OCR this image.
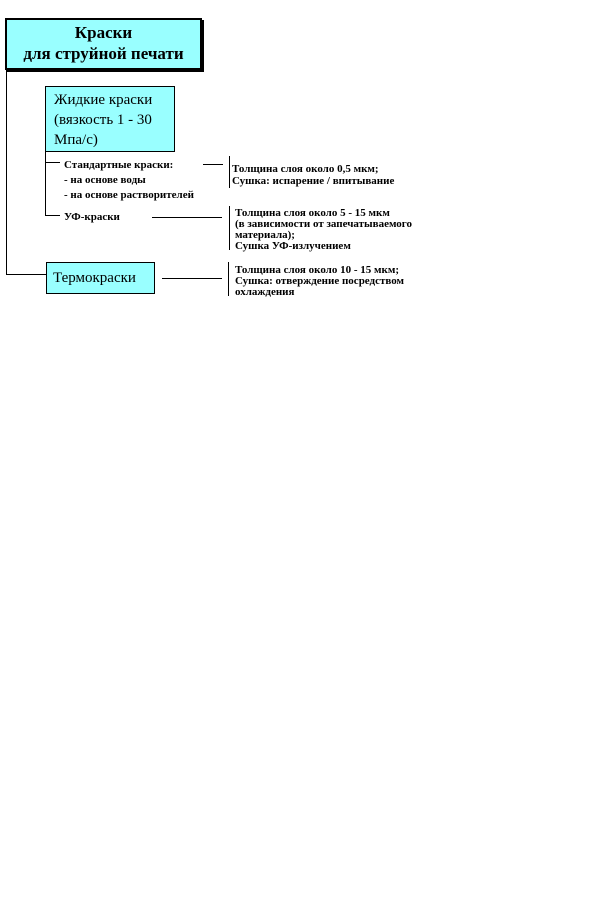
Краски
для струйной печати
Жидкие краски
(вязкость 1 - 30
Мпа/с)
Термокраски
Стандартные краски:
- на основе воды
- на основе растворителей
Толщина слоя около 0,5 мкм;
Сушка: испарение / впитывание
УФ-краски	Толщина слоя около 5 - 15 мкм
(в зависимости от запечатываемого
материала);
Сушка УФ-излучением
Толщина слоя около 10 - 15 мкм;
Сушка: отверждение посредством
охлаждения
